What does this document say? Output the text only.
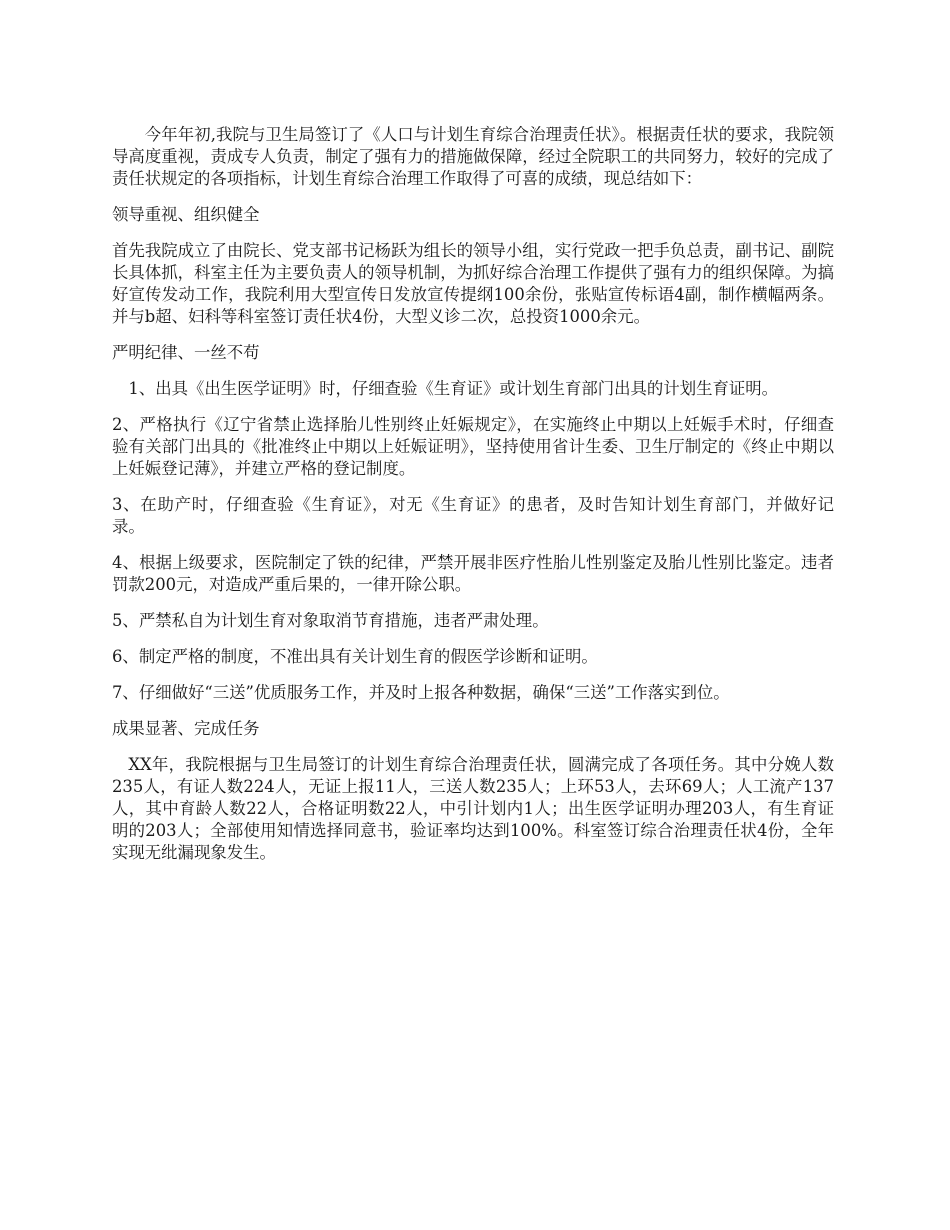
今年年初,我院与卫生局签订了《人口与计划生育综合治理责任状》。根据责任状的要求，我院领导高度重视，责成专人负责，制定了强有力的措施做保障，经过全院职工的共同努力，较好的完成了责任状规定的各项指标，计划生育综合治理工作取得了可喜的成绩，现总结如下：

领导重视、组织健全

首先我院成立了由院长、党支部书记杨跃为组长的领导小组，实行党政一把手负总责，副书记、副院长具体抓，科室主任为主要负责人的领导机制，为抓好综合治理工作提供了强有力的组织保障。为搞好宣传发动工作，我院利用大型宣传日发放宣传提纲100余份，张贴宣传标语4副，制作横幅两条。并与b超、妇科等科室签订责任状4份，大型义诊二次，总投资1000余元。

严明纪律、一丝不苟

1、出具《出生医学证明》时，仔细查验《生育证》或计划生育部门出具的计划生育证明。

2、严格执行《辽宁省禁止选择胎儿性别终止妊娠规定》，在实施终止中期以上妊娠手术时，仔细查验有关部门出具的《批准终止中期以上妊娠证明》，坚持使用省计生委、卫生厅制定的《终止中期以上妊娠登记薄》，并建立严格的登记制度。

3、在助产时，仔细查验《生育证》，对无《生育证》的患者，及时告知计划生育部门，并做好记录。

4、根据上级要求，医院制定了铁的纪律，严禁开展非医疗性胎儿性别鉴定及胎儿性别比鉴定。违者罚款200元，对造成严重后果的，一律开除公职。

5、严禁私自为计划生育对象取消节育措施，违者严肃处理。

6、制定严格的制度，不准出具有关计划生育的假医学诊断和证明。

7、仔细做好“三送”优质服务工作，并及时上报各种数据，确保“三送”工作落实到位。

成果显著、完成任务

XX年，我院根据与卫生局签订的计划生育综合治理责任状，圆满完成了各项任务。其中分娩人数235人，有证人数224人，无证上报11人，三送人数235人；上环53人，去环69人；人工流产137人，其中育龄人数22人，合格证明数22人，中引计划内1人；出生医学证明办理203人，有生育证明的203人；全部使用知情选择同意书，验证率均达到100%。科室签订综合治理责任状4份，全年实现无纰漏现象发生。
